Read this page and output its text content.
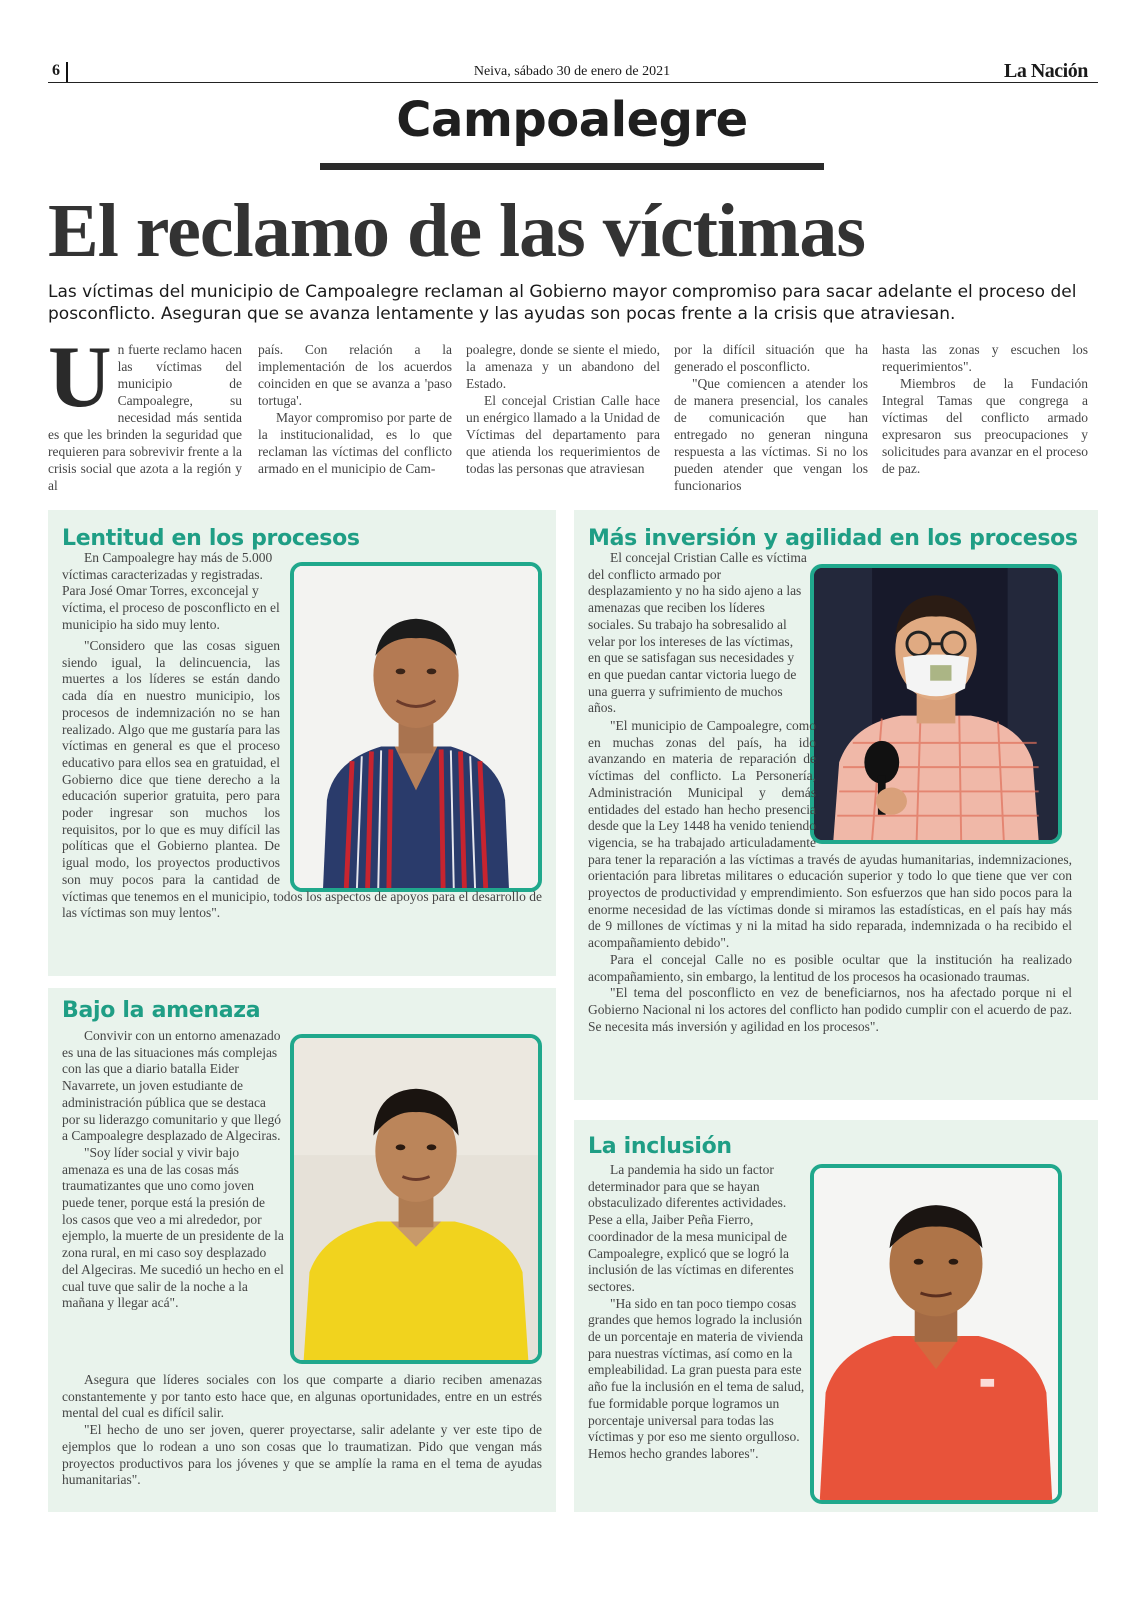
6	Neiva, sábado 30 de enero de 2021	La Nación
Campoalegre
El reclamo de las víctimas
Las víctimas del municipio de Campoalegre reclaman al Gobierno mayor compromiso para sacar adelante el proceso del posconflicto. Aseguran que se avanza lentamente y las ayudas son pocas frente a la crisis que atraviesan.
U n fuerte reclamo hacen las víctimas del municipio de Campoalegre, su necesidad más sentida es que les brinden la seguridad que requieren para sobrevivir frente a la crisis social que azota a la región y al

país. Con relación a la implementación de los acuerdos coinciden en que se avanza a 'paso tortuga'.

Mayor compromiso por parte de la institucionalidad, es lo que reclaman las víctimas del conflicto armado en el municipio de Cam-

poalegre, donde se siente el miedo, la amenaza y un abandono del Estado.

El concejal Cristian Calle hace un enérgico llamado a la Unidad de Víctimas del departamento para que atienda los requerimientos de todas las personas que atraviesan

por la difícil situación que ha generado el posconflicto.

"Que comiencen a atender los de manera presencial, los canales de comunicación que han entregado no generan ninguna respuesta a las víctimas. Si no los pueden atender que vengan los funcionarios

hasta las zonas y escuchen los requerimientos".

Miembros de la Fundación Integral Tamas que congrega a víctimas del conflicto armado expresaron sus preocupaciones y solicitudes para avanzar en el proceso de paz.

Lentitud en los procesos

En Campoalegre hay más de 5.000 víctimas caracterizadas y registradas. Para José Omar Torres, exconcejal y víctima, el proceso de posconflicto en el municipio ha sido muy lento.

"Considero que las cosas siguen siendo igual, la delincuencia, las muertes a los líderes se están dando cada día en nuestro municipio, los procesos de indemnización no se han realizado. Algo que me gustaría para las víctimas en general es que el proceso educativo para ellos sea en gratuidad, el Gobierno dice que tiene derecho a la educación superior gratuita, pero para poder ingresar son muchos los requisitos, por lo que es muy difícil las políticas que el Gobierno plantea. De igual modo, los proyectos productivos son muy pocos para la cantidad de víctimas que tenemos en el municipio, todos los aspectos de apoyos para el desarrollo de las víctimas son muy lentos".

Más inversión y agilidad en los procesos

El concejal Cristian Calle es víctima del conflicto armado por desplazamiento y no ha sido ajeno a las amenazas que reciben los líderes sociales. Su trabajo ha sobresalido al velar por los intereses de las víctimas, en que se satisfagan sus necesidades y en que puedan cantar victoria luego de una guerra y sufrimiento de muchos años.

"El municipio de Campoalegre, como en muchas zonas del país, ha ido avanzando en materia de reparación de víctimas del conflicto. La Personería, Administración Municipal y demás entidades del estado han hecho presencia desde que la Ley 1448 ha venido teniendo vigencia, se ha trabajado articuladamente para tener la reparación a las víctimas a través de ayudas humanitarias, indemnizaciones, orientación para libretas militares o educación superior y todo lo que tiene que ver con proyectos de productividad y emprendimiento. Son esfuerzos que han sido pocos para la enorme necesidad de las víctimas donde si miramos las estadísticas, en el país hay más de 9 millones de víctimas y ni la mitad ha sido reparada, indemnizada o ha recibido el acompañamiento debido".

Para el concejal Calle no es posible ocultar que la institución ha realizado acompañamiento, sin embargo, la lentitud de los procesos ha ocasionado traumas.

"El tema del posconflicto en vez de beneficiarnos, nos ha afectado porque ni el Gobierno Nacional ni los actores del conflicto han podido cumplir con el acuerdo de paz. Se necesita más inversión y agilidad en los procesos".

Bajo la amenaza

Convivir con un entorno amenazado es una de las situaciones más complejas con las que a diario batalla Eider Navarrete, un joven estudiante de administración pública que se destaca por su liderazgo comunitario y que llegó a Campoalegre desplazado de Algeciras.

"Soy líder social y vivir bajo amenaza es una de las cosas más traumatizantes que uno como joven puede tener, porque está la presión de los casos que veo a mi alrededor, por ejemplo, la muerte de un presidente de la zona rural, en mi caso soy desplazado del Algeciras. Me sucedió un hecho en el cual tuve que salir de la noche a la mañana y llegar acá".

Asegura que líderes sociales con los que comparte a diario reciben amenazas constantemente y por tanto esto hace que, en algunas oportunidades, entre en un estrés mental del cual es difícil salir.

"El hecho de uno ser joven, querer proyectarse, salir adelante y ver este tipo de ejemplos que lo rodean a uno son cosas que lo traumatizan. Pido que vengan más proyectos productivos para los jóvenes y que se amplíe la rama en el tema de ayudas humanitarias".

La inclusión

La pandemia ha sido un factor determinador para que se hayan obstaculizado diferentes actividades. Pese a ella, Jaiber Peña Fierro, coordinador de la mesa municipal de Campoalegre, explicó que se logró la inclusión de las víctimas en diferentes sectores.

"Ha sido en tan poco tiempo cosas grandes que hemos logrado la inclusión de un porcentaje en materia de vivienda para nuestras víctimas, así como en la empleabilidad. La gran puesta para este año fue la inclusión en el tema de salud, fue formidable porque logramos un porcentaje universal para todas las víctimas y por eso me siento orgulloso. Hemos hecho grandes labores".
